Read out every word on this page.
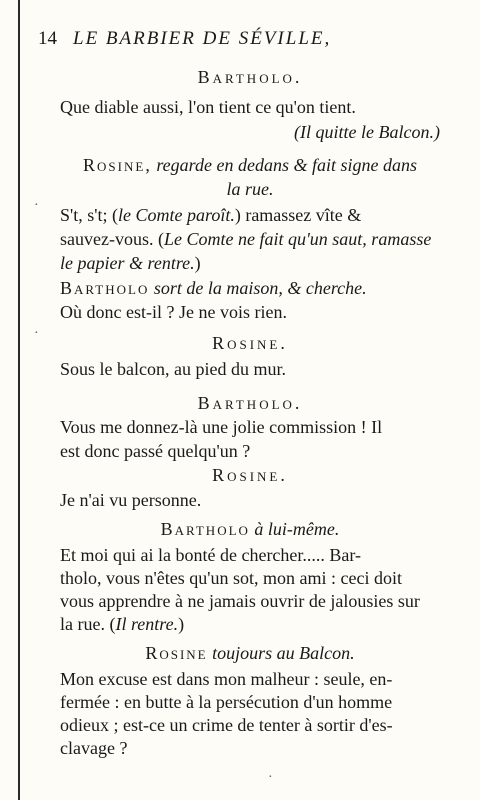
14 LE BARBIER DE SÉVILLE,
Bartholo.
Que diable aussi, l'on tient ce qu'on tient.
(Il quitte le Balcon.)
Rosine, regarde en dedans & fait signe dans
la rue.
S't, s't; (le Comte paroît.) ramassez vîte &
sauvez-vous. (Le Comte ne fait qu'un saut, ramasse
le papier & rentre.)
Bartholo sort de la maison, & cherche.
Où donc est-il ? Je ne vois rien.
Rosine.
Sous le balcon, au pied du mur.
Bartholo.
Vous me donnez-là une jolie commission ! Il
est donc passé quelqu'un ?
Rosine.
Je n'ai vu personne.
Bartholo à lui-même.
Et moi qui ai la bonté de chercher..... Bar-
tholo, vous n'êtes qu'un sot, mon ami : ceci doit
vous apprendre à ne jamais ouvrir de jalousies sur
la rue. (Il rentre.)
Rosine toujours au Balcon.
Mon excuse est dans mon malheur : seule, en-
fermée : en butte à la persécution d'un homme
odieux ; est-ce un crime de tenter à sortir d'es-
clavage ?
·
·
·
